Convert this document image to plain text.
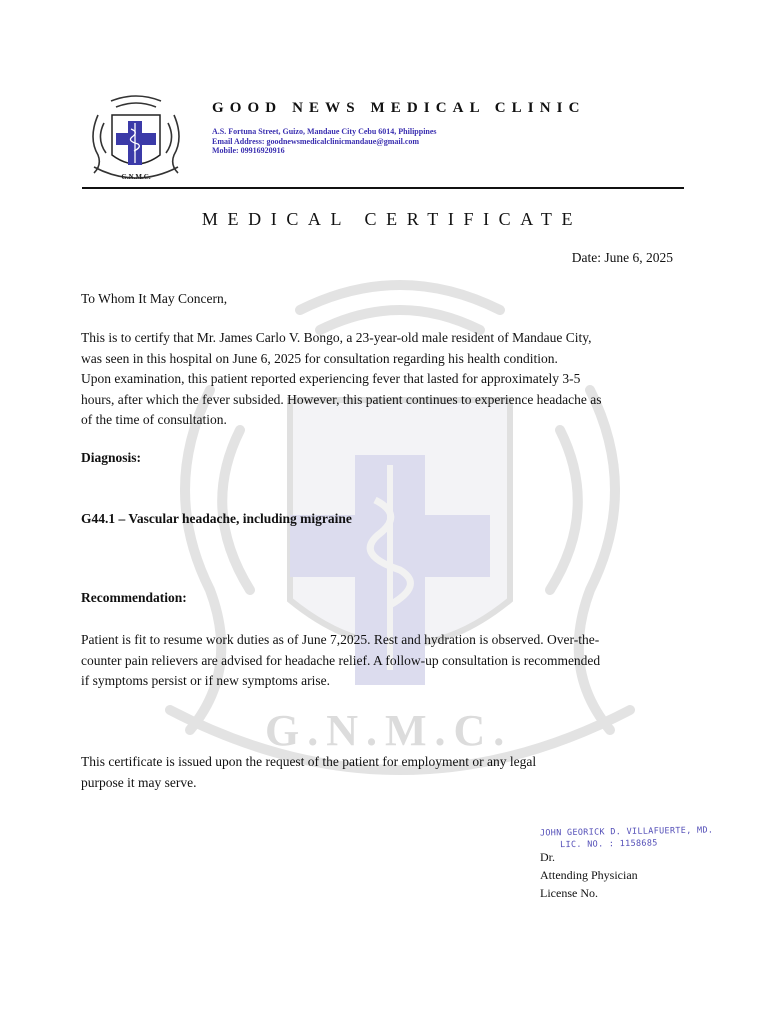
G.N.M.C.
G.N.M.C.
GOOD NEWS MEDICAL CLINIC
A.S. Fortuna Street, Guizo, Mandaue City Cebu 6014, Philippines
Email Address: goodnewsmedicalclinicmandaue@gmail.com
Mobile: 09916920916
MEDICAL CERTIFICATE
Date: June 6, 2025
To Whom It May Concern,
This is to certify that Mr. James Carlo V. Bongo, a 23-year-old male resident of Mandaue City,
was seen in this hospital on June 6, 2025 for consultation regarding his health condition.
Upon examination, this patient reported experiencing fever that lasted for approximately 3-5
hours, after which the fever subsided. However, this patient continues to experience headache as
of the time of consultation.
Diagnosis:
G44.1 – Vascular headache, including migraine
Recommendation:
Patient is fit to resume work duties as of June 7,2025. Rest and hydration is observed. Over-the-
counter pain relievers are advised for headache relief. A follow-up consultation is recommended
if symptoms persist or if new symptoms arise.
This certificate is issued upon the request of the patient for employment or any legal
purpose it may serve.
JOHN GEORICK D. VILLAFUERTE, MD.
LIC. NO. : 1158685
Dr.
Attending Physician
License No.
